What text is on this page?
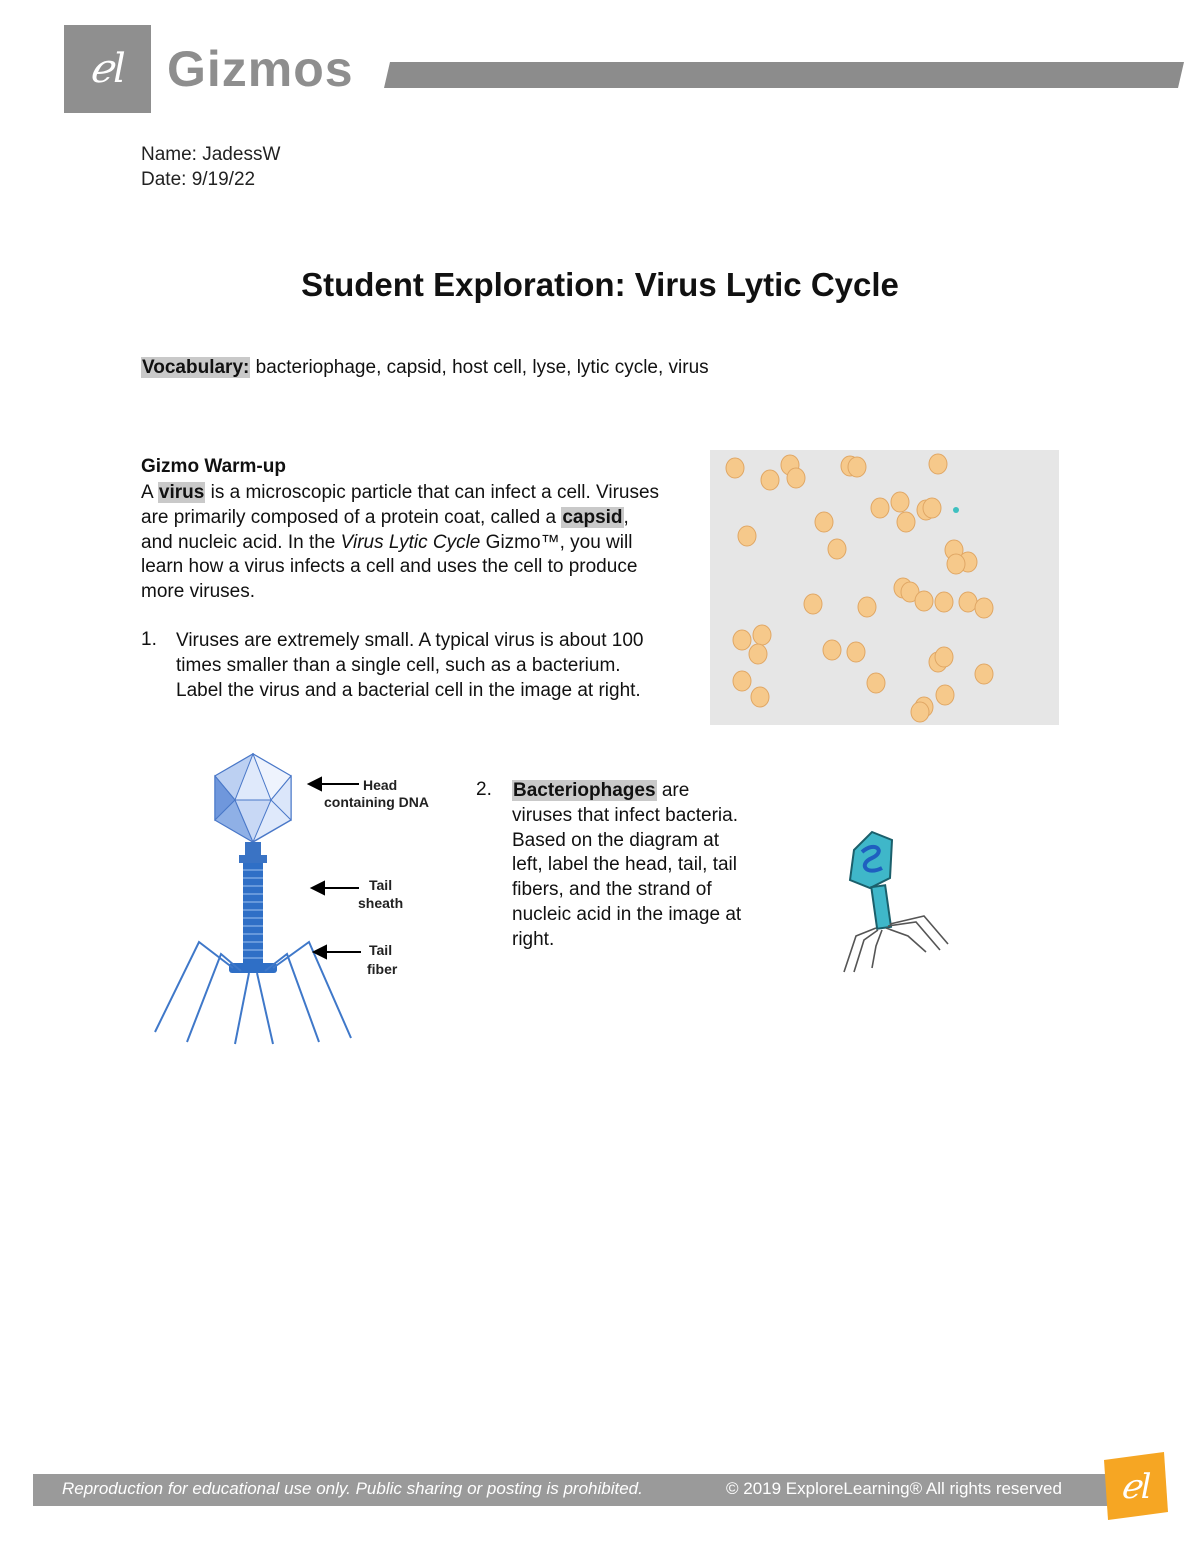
ℯl Gizmos
Name: JadessW
Date: 9/19/22
Student Exploration: Virus Lytic Cycle
Vocabulary: bacteriophage, capsid, host cell, lyse, lytic cycle, virus
Gizmo Warm-up
A virus is a microscopic particle that can infect a cell. Viruses are primarily composed of a protein coat, called a capsid, and nucleic acid. In the Virus Lytic Cycle Gizmo™, you will learn how a virus infects a cell and uses the cell to produce more viruses.
1. Viruses are extremely small. A typical virus is about 100 times smaller than a single cell, such as a bacterium. Label the virus and a bacterial cell in the image at right.
Head
containing DNA
Tail
sheath
Tail
fiber
2. Bacteriophages are viruses that infect bacteria. Based on the diagram at left, label the head, tail, tail fibers, and the strand of nucleic acid in the image at right.
Reproduction for educational use only. Public sharing or posting is prohibited.	© 2019 ExploreLearning® All rights reserved ℯl
